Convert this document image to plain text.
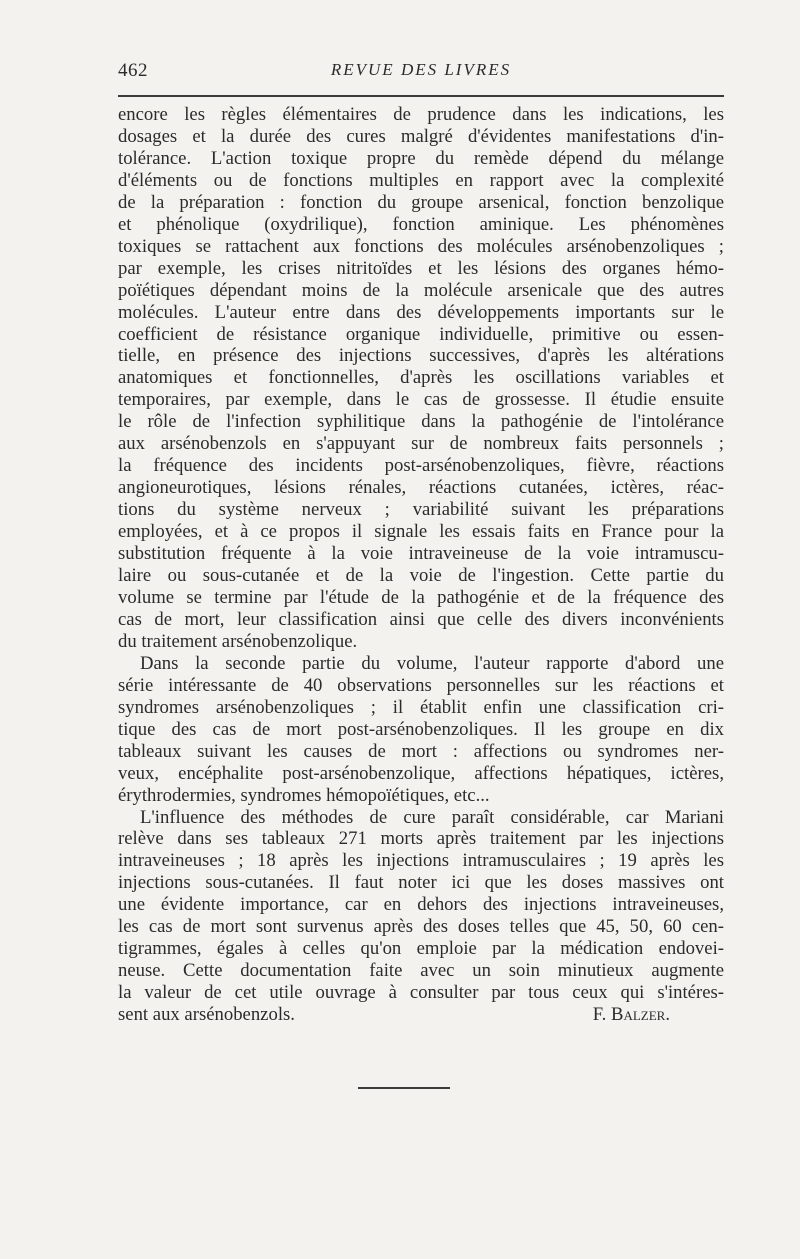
462	REVUE DES LIVRES
encore les règles élémentaires de prudence dans les indications, les
dosages et la durée des cures malgré d'évidentes manifestations d'in-
tolérance. L'action toxique propre du remède dépend du mélange
d'éléments ou de fonctions multiples en rapport avec la complexité
de la préparation : fonction du groupe arsenical, fonction benzolique
et phénolique (oxydrilique), fonction aminique. Les phénomènes
toxiques se rattachent aux fonctions des molécules arsénobenzoliques ;
par exemple, les crises nitritoïdes et les lésions des organes hémo-
poïétiques dépendant moins de la molécule arsenicale que des autres
molécules. L'auteur entre dans des développements importants sur le
coefficient de résistance organique individuelle, primitive ou essen-
tielle, en présence des injections successives, d'après les altérations
anatomiques et fonctionnelles, d'après les oscillations variables et
temporaires, par exemple, dans le cas de grossesse. Il étudie ensuite
le rôle de l'infection syphilitique dans la pathogénie de l'intolérance
aux arsénobenzols en s'appuyant sur de nombreux faits personnels ;
la fréquence des incidents post-arsénobenzoliques, fièvre, réactions
angioneurotiques, lésions rénales, réactions cutanées, ictères, réac-
tions du système nerveux ; variabilité suivant les préparations
employées, et à ce propos il signale les essais faits en France pour la
substitution fréquente à la voie intraveineuse de la voie intramuscu-
laire ou sous-cutanée et de la voie de l'ingestion. Cette partie du
volume se termine par l'étude de la pathogénie et de la fréquence des
cas de mort, leur classification ainsi que celle des divers inconvénients
du traitement arsénobenzolique.
Dans la seconde partie du volume, l'auteur rapporte d'abord une
série intéressante de 40 observations personnelles sur les réactions et
syndromes arsénobenzoliques ; il établit enfin une classification cri-
tique des cas de mort post-arsénobenzoliques. Il les groupe en dix
tableaux suivant les causes de mort : affections ou syndromes ner-
veux, encéphalite post-arsénobenzolique, affections hépatiques, ictères,
érythrodermies, syndromes hémopoïétiques, etc...
L'influence des méthodes de cure paraît considérable, car Mariani
relève dans ses tableaux 271 morts après traitement par les injections
intraveineuses ; 18 après les injections intramusculaires ; 19 après les
injections sous-cutanées. Il faut noter ici que les doses massives ont
une évidente importance, car en dehors des injections intraveineuses,
les cas de mort sont survenus après des doses telles que 45, 50, 60 cen-
tigrammes, égales à celles qu'on emploie par la médication endovei-
neuse. Cette documentation faite avec un soin minutieux augmente
la valeur de cet utile ouvrage à consulter par tous ceux qui s'intéres-
sent aux arsénobenzols.	F. Balzer.
